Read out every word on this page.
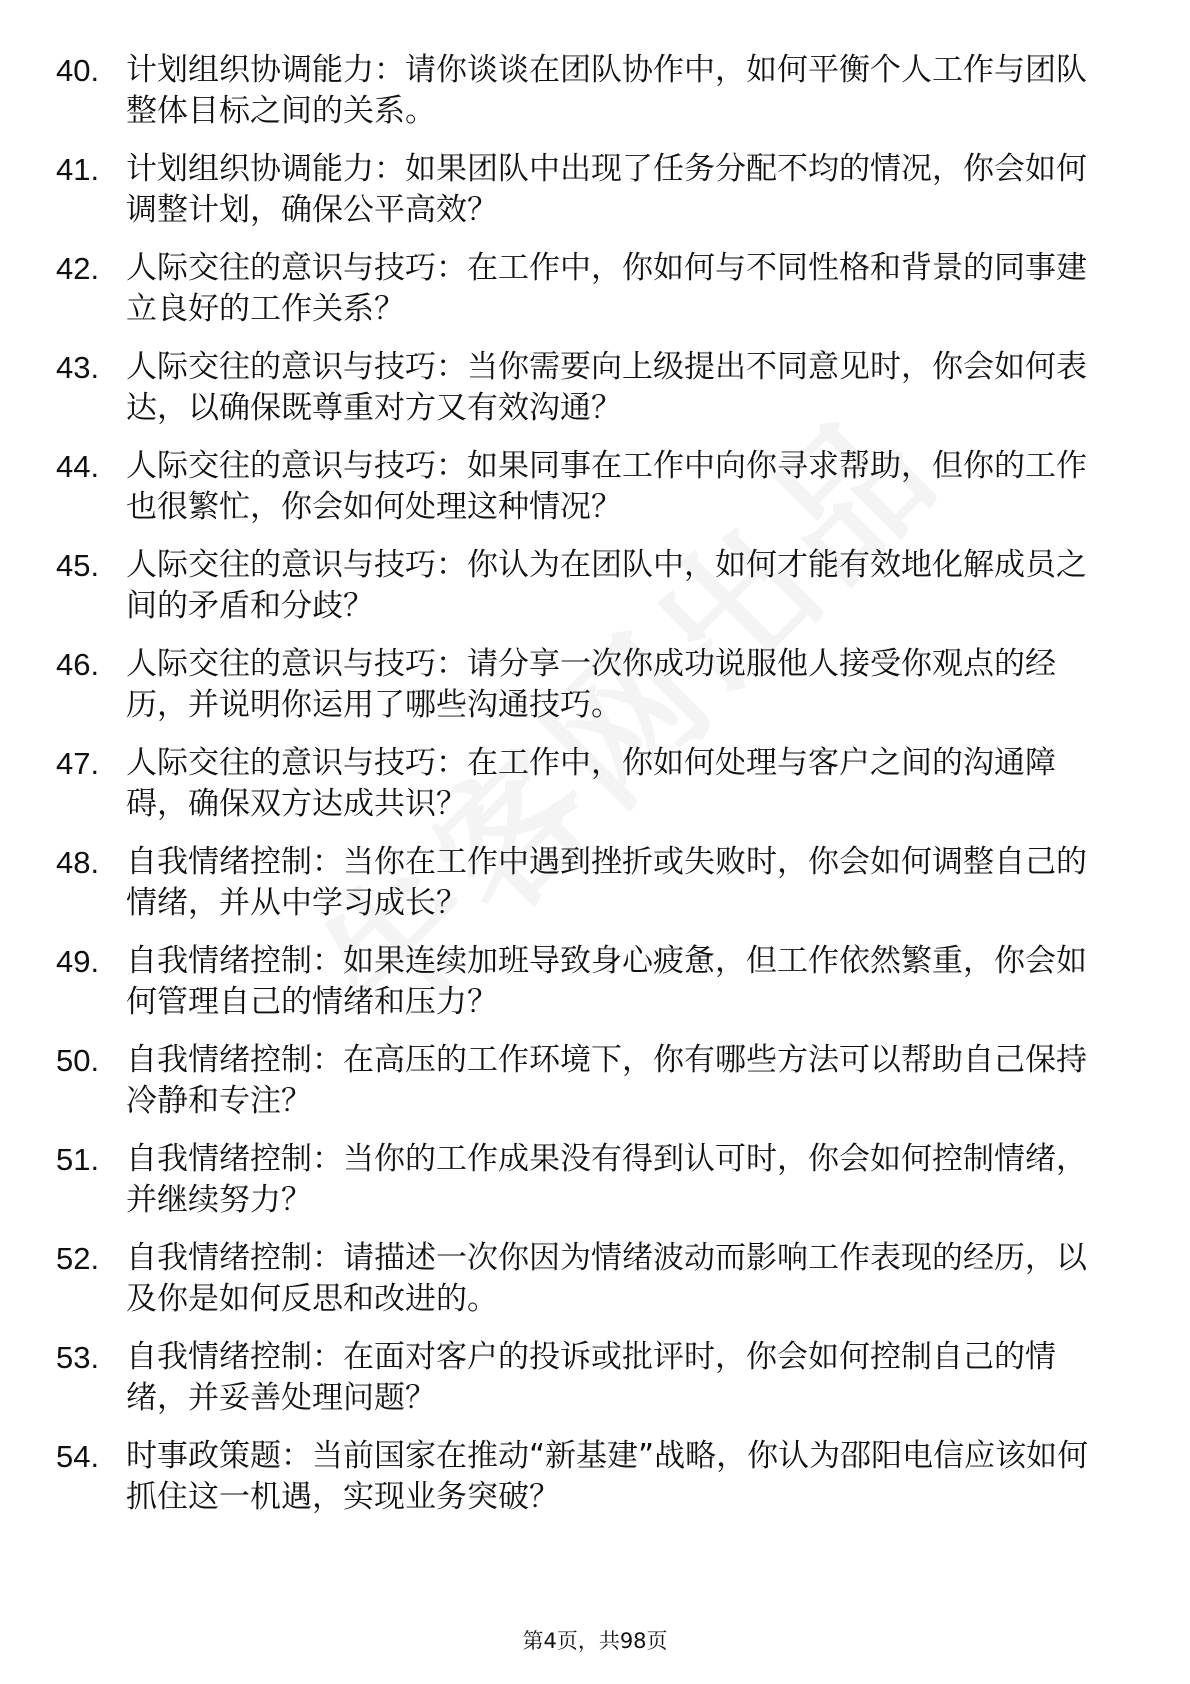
40. 计划组织协调能力：请你谈谈在团队协作中，如何平衡个人工作与团队整体目标之间的关系。
41. 计划组织协调能力：如果团队中出现了任务分配不均的情况，你会如何调整计划，确保公平高效？
42. 人际交往的意识与技巧：在工作中，你如何与不同性格和背景的同事建立良好的工作关系？
43. 人际交往的意识与技巧：当你需要向上级提出不同意见时，你会如何表达，以确保既尊重对方又有效沟通？
44. 人际交往的意识与技巧：如果同事在工作中向你寻求帮助，但你的工作也很繁忙，你会如何处理这种情况？
45. 人际交往的意识与技巧：你认为在团队中，如何才能有效地化解成员之间的矛盾和分歧？
46. 人际交往的意识与技巧：请分享一次你成功说服他人接受你观点的经历，并说明你运用了哪些沟通技巧。
47. 人际交往的意识与技巧：在工作中，你如何处理与客户之间的沟通障碍，确保双方达成共识？
48. 自我情绪控制：当你在工作中遇到挫折或失败时，你会如何调整自己的情绪，并从中学习成长？
49. 自我情绪控制：如果连续加班导致身心疲惫，但工作依然繁重，你会如何管理自己的情绪和压力？
50. 自我情绪控制：在高压的工作环境下，你有哪些方法可以帮助自己保持冷静和专注？
51. 自我情绪控制：当你的工作成果没有得到认可时，你会如何控制情绪，并继续努力？
52. 自我情绪控制：请描述一次你因为情绪波动而影响工作表现的经历，以及你是如何反思和改进的。
53. 自我情绪控制：在面对客户的投诉或批评时，你会如何控制自己的情绪，并妥善处理问题？
54. 时事政策题：当前国家在推动“新基建”战略，你认为邵阳电信应该如何抓住这一机遇，实现业务突破？
第4页，共98页
